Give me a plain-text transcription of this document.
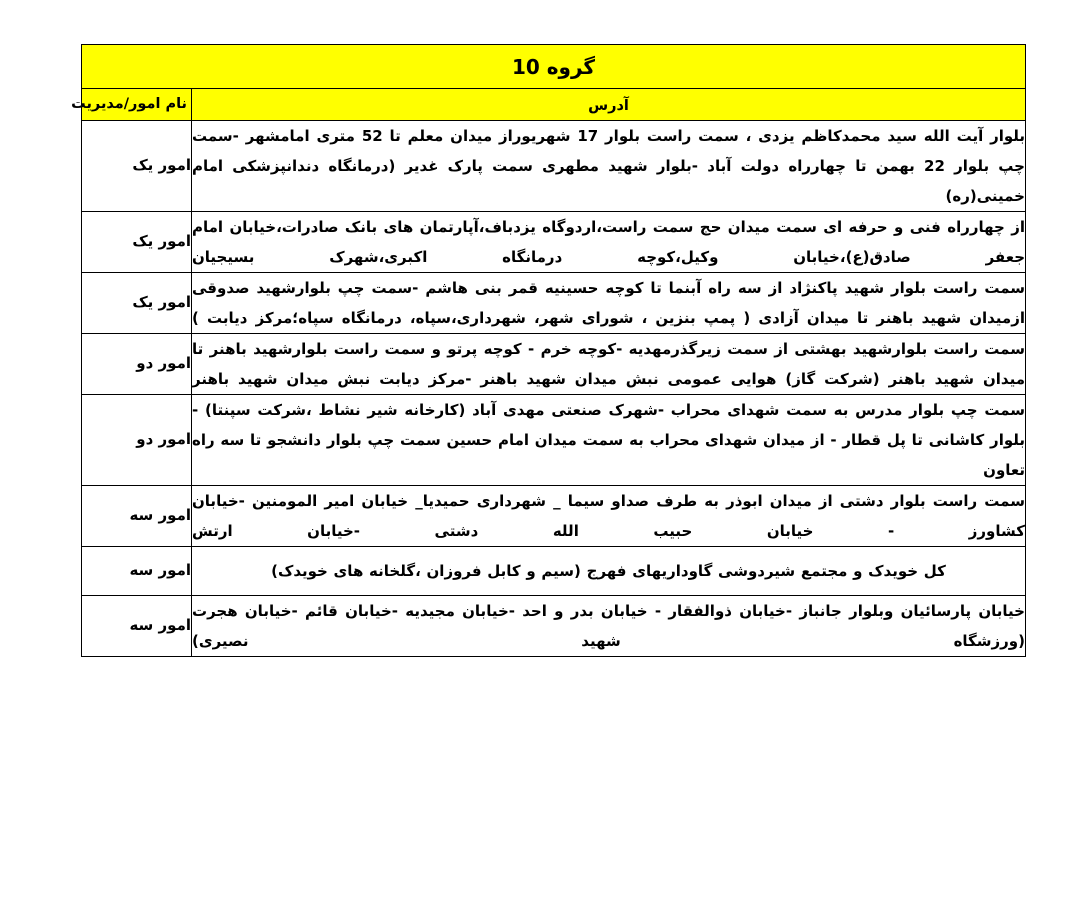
گروه 10	
آدرس	نام امور/مدیریت

بلوار آیت الله سید محمدکاظم یزدی ، سمت راست بلوار 17 شهریوراز میدان معلم تا 52 متری امامشهر -سمت چپ بلوار 22 بهمن تا چهارراه دولت آباد -بلوار شهید مطهری سمت پارک غدیر (درمانگاه دندانپزشکی امام خمینی(ره)	امور یک

از چهارراه فنی و حرفه ای سمت میدان حج سمت راست،اردوگاه یزدباف،آپارتمان های بانک صادرات،خیابان امام جعفر صادق(ع)،خیابان وکیل،کوچه درمانگاه اکبری،شهرک بسیجیان	امور یک

سمت راست بلوار شهید پاکنژاد از سه راه آبنما تا کوچه حسینیه قمر بنی هاشم -سمت چپ بلوارشهید صدوقی ازمیدان شهید باهنر تا میدان آزادی ( پمپ بنزین ، شورای شهر، شهرداری،سپاه، درمانگاه سپاه؛مرکز دیابت )	امور یک

سمت راست بلوارشهید بهشتی از سمت زیرگذرمهدیه -کوچه خرم - کوچه پرتو و سمت راست بلوارشهید باهنر تا میدان شهید باهنر (شرکت گاز) هوایی عمومی نبش میدان شهید باهنر -مرکز دیابت نبش میدان شهید باهنر	امور دو

سمت چپ بلوار مدرس به سمت شهدای محراب -شهرک صنعتی مهدی آباد (کارخانه شیر نشاط ،شرکت سپنتا) - بلوار کاشانی تا پل قطار - از میدان شهدای محراب به سمت میدان امام حسین سمت چپ بلوار دانشجو تا سه راه تعاون	امور دو

سمت راست بلوار دشتی از میدان ابوذر به طرف صداو سیما _ شهرداری حمیدیا_ خیابان امیر المومنین -خیابان کشاورز - خیابان حبیب الله دشتی -خیابان ارتش	امور سه

کل خویدک و مجتمع شیردوشی گاوداریهای فهرج (سیم و کابل فروزان ،گلخانه های خویدک)	امور سه

خیابان پارسائیان وبلوار جانباز -خیابان ذوالفقار - خیابان بدر و احد -خیابان مجیدیه -خیابان قائم -خیابان هجرت (ورزشگاه شهید نصیری)	امور سه
